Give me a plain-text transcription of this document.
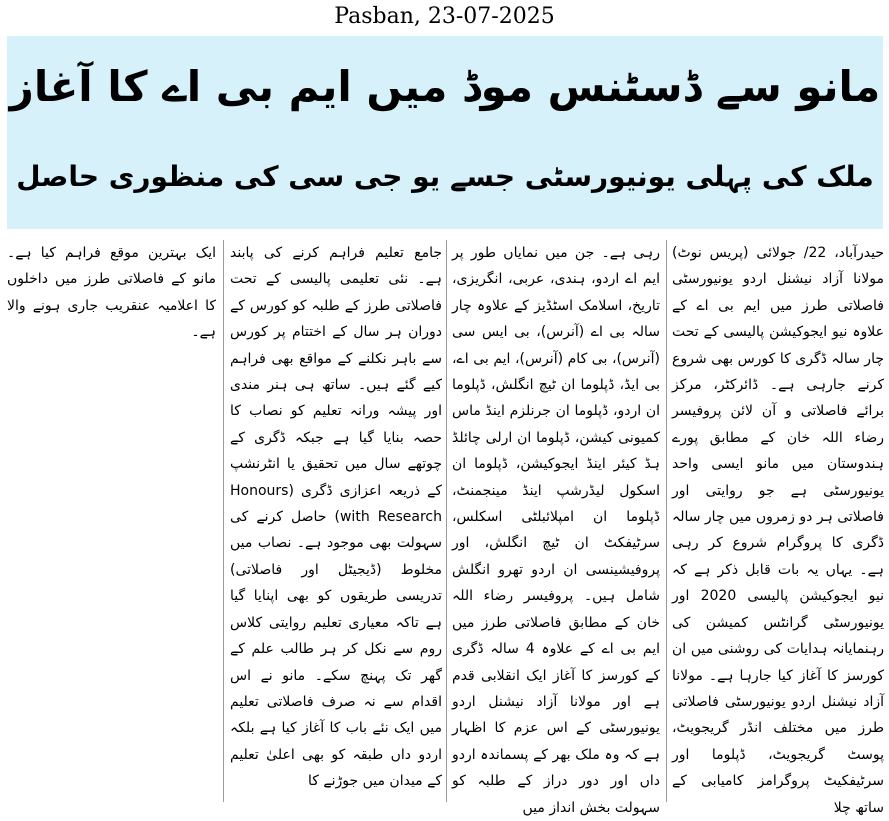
Pasban, 23-07-2025
مانو سے ڈسٹنس موڈ میں ایم بی اے کا آغاز
ملک کی پہلی یونیورسٹی جسے یو جی سی کی منظوری حاصل
حیدرآباد، 22/ جولائی (پریس نوٹ) مولانا آزاد نیشنل اردو یونیورسٹی فاصلاتی طرز میں ایم بی اے کے علاوہ نیو ایجوکیشن پالیسی کے تحت چار سالہ ڈگری کا کورس بھی شروع کرنے جارہی ہے۔ ڈائرکٹر، مرکز برائے فاصلاتی و آن لائن پروفیسر رضاء اللہ خان کے مطابق پورے ہندوستان میں مانو ایسی واحد یونیورسٹی ہے جو روایتی اور فاصلاتی ہر دو زمروں میں چار سالہ ڈگری کا پروگرام شروع کر رہی ہے۔ یہاں یہ بات قابل ذکر ہے کہ نیو ایجوکیشن پالیسی 2020 اور یونیورسٹی گرانٹس کمیشن کی رہنمایانہ ہدایات کی روشنی میں ان کورسز کا آغاز کیا جارہا ہے۔ مولانا آزاد نیشنل اردو یونیورسٹی فاصلاتی طرز میں مختلف انڈر گریجویٹ، پوسٹ گریجویٹ، ڈپلوما اور سرٹیفکیٹ پروگرامز کامیابی کے ساتھ چلا
رہی ہے۔ جن میں نمایاں طور پر ایم اے اردو، ہندی، عربی، انگریزی، تاریخ، اسلامک اسٹڈیز کے علاوہ چار سالہ بی اے (آنرس)، بی ایس سی (آنرس)، بی کام (آنرس)، ایم بی اے، بی ایڈ، ڈپلوما ان ٹیچ انگلش، ڈپلوما ان اردو، ڈپلوما ان جرنلزم اینڈ ماس کمیونی کیشن، ڈپلوما ان ارلی چائلڈ ہڈ کیئر اینڈ ایجوکیشن، ڈپلوما ان اسکول لیڈرشپ اینڈ مینجمنٹ، ڈپلوما ان امپلائبلٹی اسکلس، سرٹیفکٹ ان ٹیچ انگلش، اور پروفیشینسی ان اردو تھرو انگلش شامل ہیں۔ پروفیسر رضاء اللہ خان کے مطابق فاصلاتی طرز میں ایم بی اے کے علاوہ 4 سالہ ڈگری کے کورسز کا آغاز ایک انقلابی قدم ہے اور مولانا آزاد نیشنل اردو یونیورسٹی کے اس عزم کا اظہار ہے کہ وہ ملک بھر کے پسماندہ اردو داں اور دور دراز کے طلبہ کو سہولت بخش انداز میں
جامع تعلیم فراہم کرنے کی پابند ہے۔ نئی تعلیمی پالیسی کے تحت فاصلاتی طرز کے طلبہ کو کورس کے دوران ہر سال کے اختتام پر کورس سے باہر نکلنے کے مواقع بھی فراہم کیے گئے ہیں۔ ساتھ ہی ہنر مندی اور پیشہ ورانہ تعلیم کو نصاب کا حصہ بنایا گیا ہے جبکہ ڈگری کے چوتھے سال میں تحقیق یا انٹرنشپ کے ذریعہ اعزازی ڈگری (Honours with Research) حاصل کرنے کی سہولت بھی موجود ہے۔ نصاب میں مخلوط (ڈیجیٹل اور فاصلاتی) تدریسی طریقوں کو بھی اپنایا گیا ہے تاکہ معیاری تعلیم روایتی کلاس روم سے نکل کر ہر طالب علم کے گھر تک پہنچ سکے۔ مانو نے اس اقدام سے نہ صرف فاصلاتی تعلیم میں ایک نئے باب کا آغاز کیا ہے بلکہ اردو داں طبقہ کو بھی اعلیٰ تعلیم کے میدان میں جوڑنے کا
ایک بہترین موقع فراہم کیا ہے۔ مانو کے فاصلاتی طرز میں داخلوں کا اعلامیہ عنقریب جاری ہونے والا ہے۔
